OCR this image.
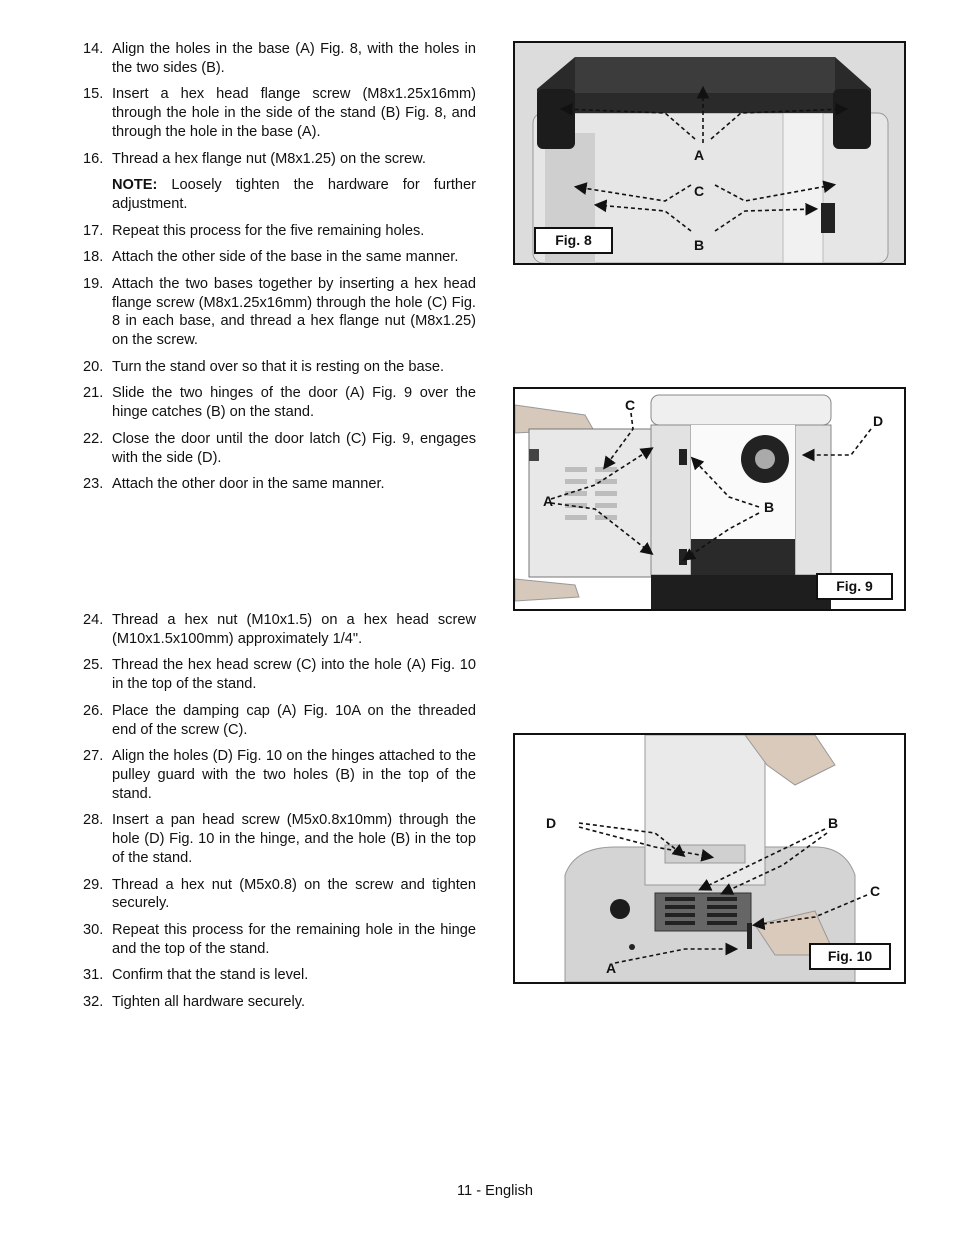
14. Align the holes in the base (A) Fig. 8, with the holes in the two sides (B).
15. Insert a hex head flange screw (M8x1.25x16mm) through the hole in the side of the stand (B) Fig. 8, and through the hole in the base (A).
16. Thread a hex flange nut (M8x1.25) on the screw.
NOTE: Loosely tighten the hardware for further adjustment.
17. Repeat this process for the five remaining holes.
18. Attach the other side of the base in the same manner.
19. Attach the two bases together by inserting a hex head flange screw (M8x1.25x16mm) through the hole (C) Fig. 8 in each base, and thread a hex flange nut (M8x1.25) on the screw.
20. Turn the stand over so that it is resting on the base.
21. Slide the two hinges of the door (A) Fig. 9 over the hinge catches (B) on the stand.
22. Close the door until the door latch (C) Fig. 9, engages with the side (D).
23. Attach the other door in the same manner.
24. Thread a hex nut (M10x1.5) on a hex head screw (M10x1.5x100mm) approximately 1/4".
25. Thread the hex head screw (C) into the hole (A) Fig. 10 in the top of the stand.
26. Place the damping cap (A) Fig. 10A on the threaded end of the screw (C).
27. Align the holes (D) Fig. 10 on the hinges attached to the pulley guard with the two holes (B) in the top of the stand.
28. Insert a pan head screw (M5x0.8x10mm) through the hole (D) Fig. 10 in the hinge, and the hole (B) in the top of the stand.
29. Thread a hex nut (M5x0.8) on the screw and tighten securely.
30. Repeat this process for the remaining hole in the hinge and the top of the stand.
31. Confirm that the stand is level.
32. Tighten all hardware securely.
A
C
B
Fig. 8
C
D
A	B
Fig. 9
D	B
C
A
Fig. 10
11 - English
